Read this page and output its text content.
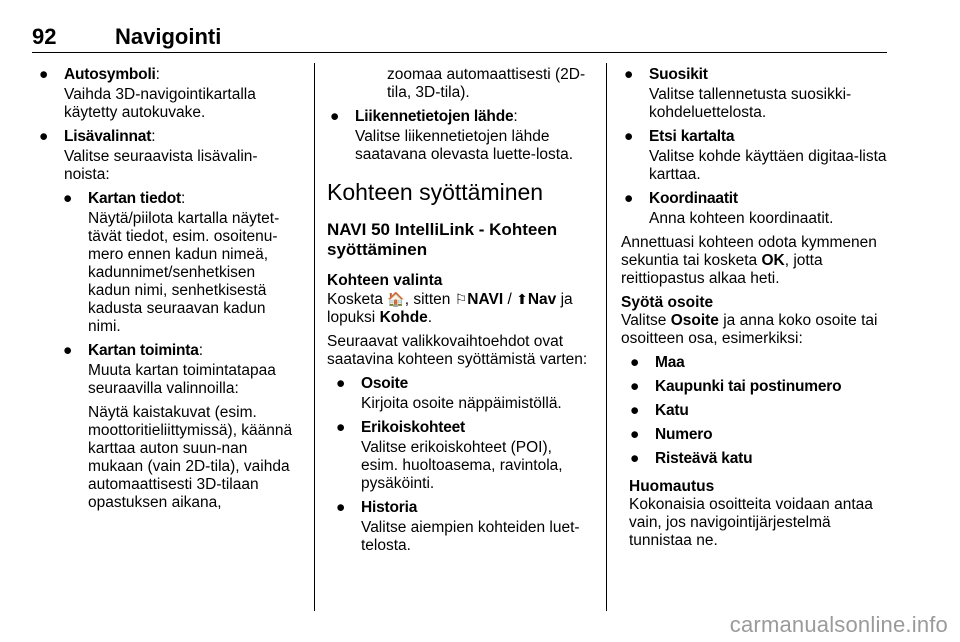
92	Navigointi
● Autosymboli:
Vaihda 3D-navigointikartalla käytetty autokuvake.
● Lisävalinnat:
Valitse seuraavista lisävalin-noista:
● Kartan tiedot:
Näytä/piilota kartalla näytet-tävät tiedot, esim. osoitenu-mero ennen kadun nimeä, kadunnimet/senhetkisen kadun nimi, senhetkisestä kadusta seuraavan kadun nimi.
● Kartan toiminta:
Muuta kartan toimintatapaa seuraavilla valinnoilla:
Näytä kaistakuvat (esim. moottoritieliittymissä), käännä karttaa auton suun-nan mukaan (vain 2D-tila), vaihda automaattisesti 3D-tilaan opastuksen aikana,
zoomaa automaattisesti (2D-tila, 3D-tila).
● Liikennetietojen lähde:
Valitse liikennetietojen lähde saatavana olevasta luette-losta.
Kohteen syöttäminen
NAVI 50 IntelliLink - Kohteen syöttäminen
Kohteen valinta
Kosketa 🏠, sitten ⚐NAVI / ⬆Nav ja lopuksi Kohde.
Seuraavat valikkovaihtoehdot ovat saatavina kohteen syöttämistä varten:
● Osoite
Kirjoita osoite näppäimistöllä.
● Erikoiskohteet
Valitse erikoiskohteet (POI), esim. huoltoasema, ravintola, pysäköinti.
● Historia
Valitse aiempien kohteiden luet-telosta.
● Suosikit
Valitse tallennetusta suosikki-kohdeluettelosta.
● Etsi kartalta
Valitse kohde käyttäen digitaa-lista karttaa.
● Koordinaatit
Anna kohteen koordinaatit.
Annettuasi kohteen odota kymmenen sekuntia tai kosketa OK, jotta reittiopastus alkaa heti.
Syötä osoite
Valitse Osoite ja anna koko osoite tai osoitteen osa, esimerkiksi:
● Maa
● Kaupunki tai postinumero
● Katu
● Numero
● Risteävä katu
Huomautus
Kokonaisia osoitteita voidaan antaa vain, jos navigointijärjestelmä tunnistaa ne.
carmanualsonline.info
